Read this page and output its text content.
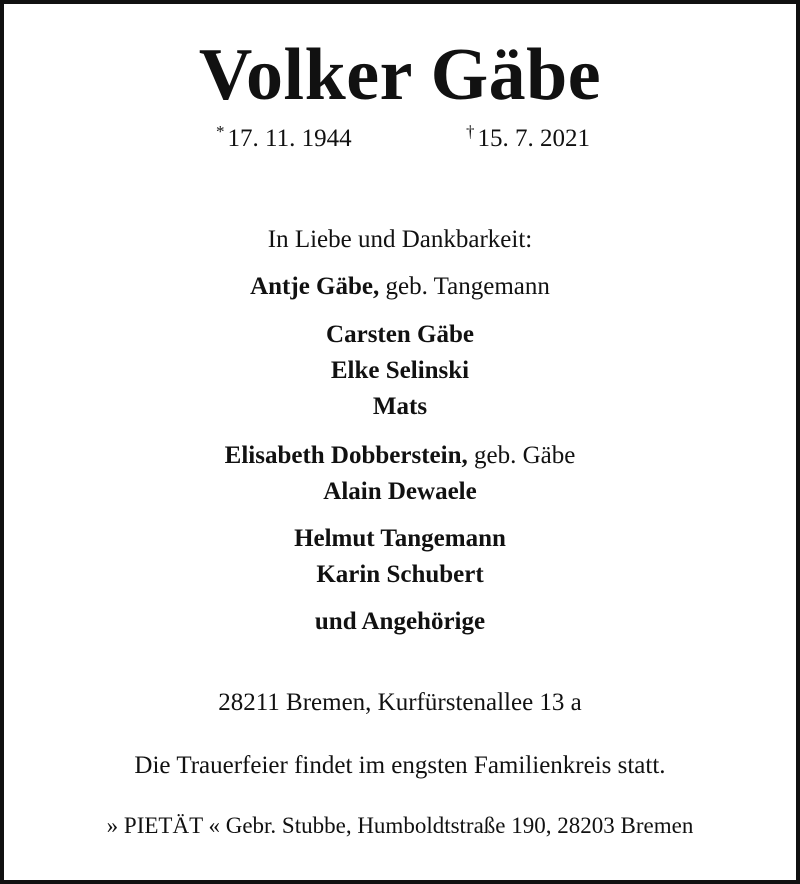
Volker Gäbe
* 17. 11. 1944	† 15. 7. 2021
In Liebe und Dankbarkeit:
Antje Gäbe, geb. Tangemann
Carsten Gäbe
Elke Selinski
Mats
Elisabeth Dobberstein, geb. Gäbe
Alain Dewaele
Helmut Tangemann
Karin Schubert
und Angehörige
28211 Bremen, Kurfürstenallee 13 a
Die Trauerfeier findet im engsten Familienkreis statt.
» PIETÄT « Gebr. Stubbe, Humboldtstraße 190, 28203 Bremen
